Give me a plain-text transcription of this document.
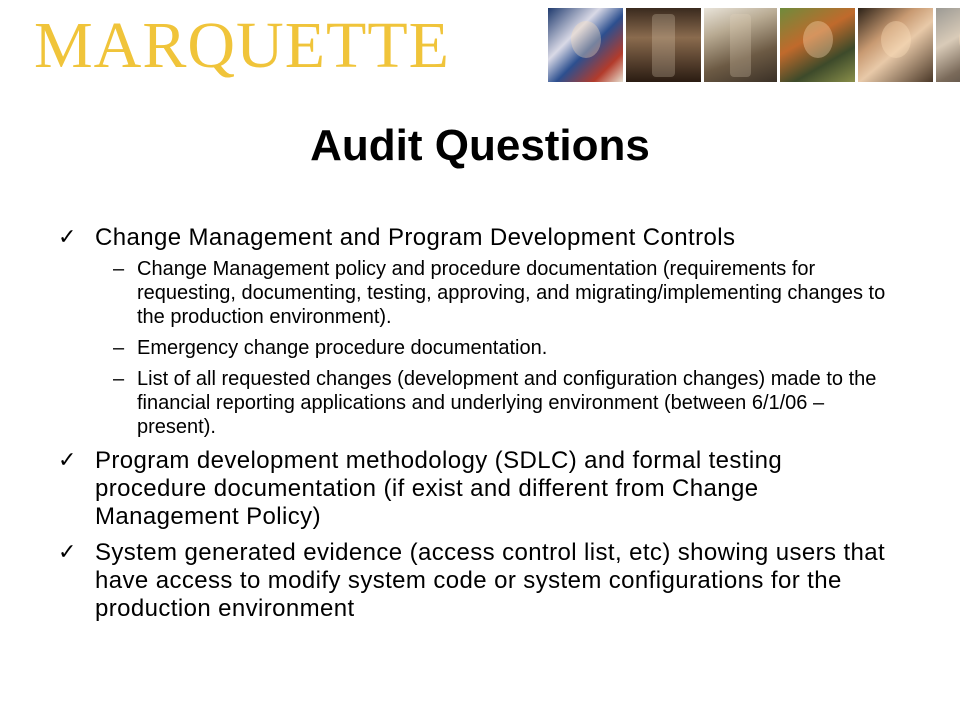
MARQUETTE
Audit Questions
✓ Change Management and Program Development Controls
– Change Management policy and procedure documentation (requirements for requesting, documenting, testing, approving, and migrating/implementing changes to the production environment).
– Emergency change procedure documentation.
– List of all requested changes (development and configuration changes) made to the financial reporting applications and underlying environment (between 6/1/06 – present).
✓ Program development methodology (SDLC) and formal testing procedure documentation (if exist and different from Change Management Policy)
✓ System generated evidence (access control list, etc) showing users that have access to modify system code or system configurations for the production environment
